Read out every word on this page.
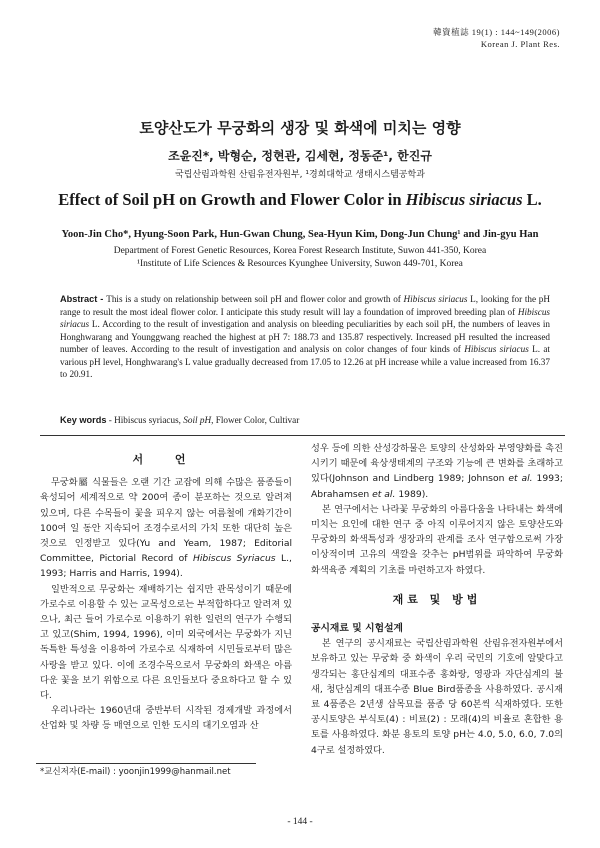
韓資植誌 19(1) : 144~149(2006)
Korean J. Plant Res.
토양산도가 무궁화의 생장 및 화색에 미치는 영향
조윤진*, 박형순, 정현관, 김세현, 정동준¹, 한진규
국립산림과학원 산림유전자원부, ¹경희대학교 생태시스템공학과
Effect of Soil pH on Growth and Flower Color in Hibiscus siriacus L.
Yoon-Jin Cho*, Hyung-Soon Park, Hun-Gwan Chung, Sea-Hyun Kim, Dong-Jun Chung¹ and Jin-gyu Han
Department of Forest Genetic Resources, Korea Forest Research Institute, Suwon 441-350, Korea
¹Institute of Life Sciences & Resources Kyunghee University, Suwon 449-701, Korea
Abstract - This is a study on relationship between soil pH and flower color and growth of Hibiscus siriacus L, looking for the pH range to result the most ideal flower color. I anticipate this study result will lay a foundation of improved breeding plan of Hibiscus siriacus L. According to the result of investigation and analysis on bleeding peculiarities by each soil pH, the numbers of leaves in Honghwarang and Younggwang reached the highest at pH 7: 188.73 and 135.87 respectively. Increased pH resulted the increased number of leaves. According to the result of investigation and analysis on color changes of four kinds of Hibiscus siriacus L. at various pH level, Honghwarang's L value gradually decreased from 17.05 to 12.26 at pH increase while a value increased from 16.37 to 20.91.
Key words - Hibiscus syriacus, Soil pH, Flower Color, Cultivar
서 언

무궁화屬 식물들은 오랜 기간 교잡에 의해 수많은 품종들이 육성되어 세계적으로 약 200여 종이 분포하는 것으로 알려져 있으며, 다른 수목들이 꽃을 피우지 않는 여름철에 개화기간이 100여 일 동안 지속되어 조경수로서의 가치 또한 대단히 높은 것으로 인정받고 있다(Yu and Yeam, 1987; Editorial Committee, Pictorial Record of Hibiscus Syriacus L., 1993; Harris and Harris, 1994).

일반적으로 무궁화는 재배하기는 쉽지만 관목성이기 때문에 가로수로 이용할 수 있는 교목성으로는 부적합하다고 알려져 있으나, 최근 들어 가로수로 이용하기 위한 일련의 연구가 수행되고 있고(Shim, 1994, 1996), 이미 외국에서는 무궁화가 지닌 독특한 특성을 이용하여 가로수로 식재하여 시민들로부터 많은 사랑을 받고 있다. 이에 조경수목으로서 무궁화의 화색은 아름다운 꽃을 보기 위함으로 다른 요인들보다 중요하다고 할 수 있다.

우리나라는 1960년대 중반부터 시작된 경제개발 과정에서 산업화 및 차량 등 매연으로 인한 도시의 대기오염과 산

성우 등에 의한 산성강하물은 토양의 산성화와 부영양화를 촉진시키기 때문에 육상생태계의 구조와 기능에 큰 변화를 초래하고 있다(Johnson and Lindberg 1989; Johnson et al. 1993; Abrahamsen et al. 1989).

본 연구에서는 나라꽃 무궁화의 아름다움을 나타내는 화색에 미치는 요인에 대한 연구 중 아직 이루어지지 않은 토양산도와 무궁화의 화색특성과 생장과의 관계를 조사 연구함으로써 가장 이상적이며 고유의 색깔을 갖추는 pH범위를 파악하여 무궁화 화색육종 계획의 기초를 마련하고자 하였다.

재료 및 방법
공시재료 및 시험설계

본 연구의 공시재료는 국립산림과학원 산림유전자원부에서 보유하고 있는 무궁화 중 화색이 우리 국민의 기호에 알맞다고 생각되는 홍단심계의 대표수종 홍화랑, 영광과 자단심계의 불새, 청단심계의 대표수종 Blue Bird품종을 사용하였다. 공시재료 4품종은 2년생 삽목묘를 품종 당 60본씩 식재하였다. 또한 공시토양은 부식토(4) : 비료(2) : 모래(4)의 비율로 혼합한 용토를 사용하였다. 화분 용토의 토양 pH는 4.0, 5.0, 6.0, 7.0의 4구로 설정하였다.

*교신저자(E-mail) : yoonjin1999@hanmail.net
- 144 -
